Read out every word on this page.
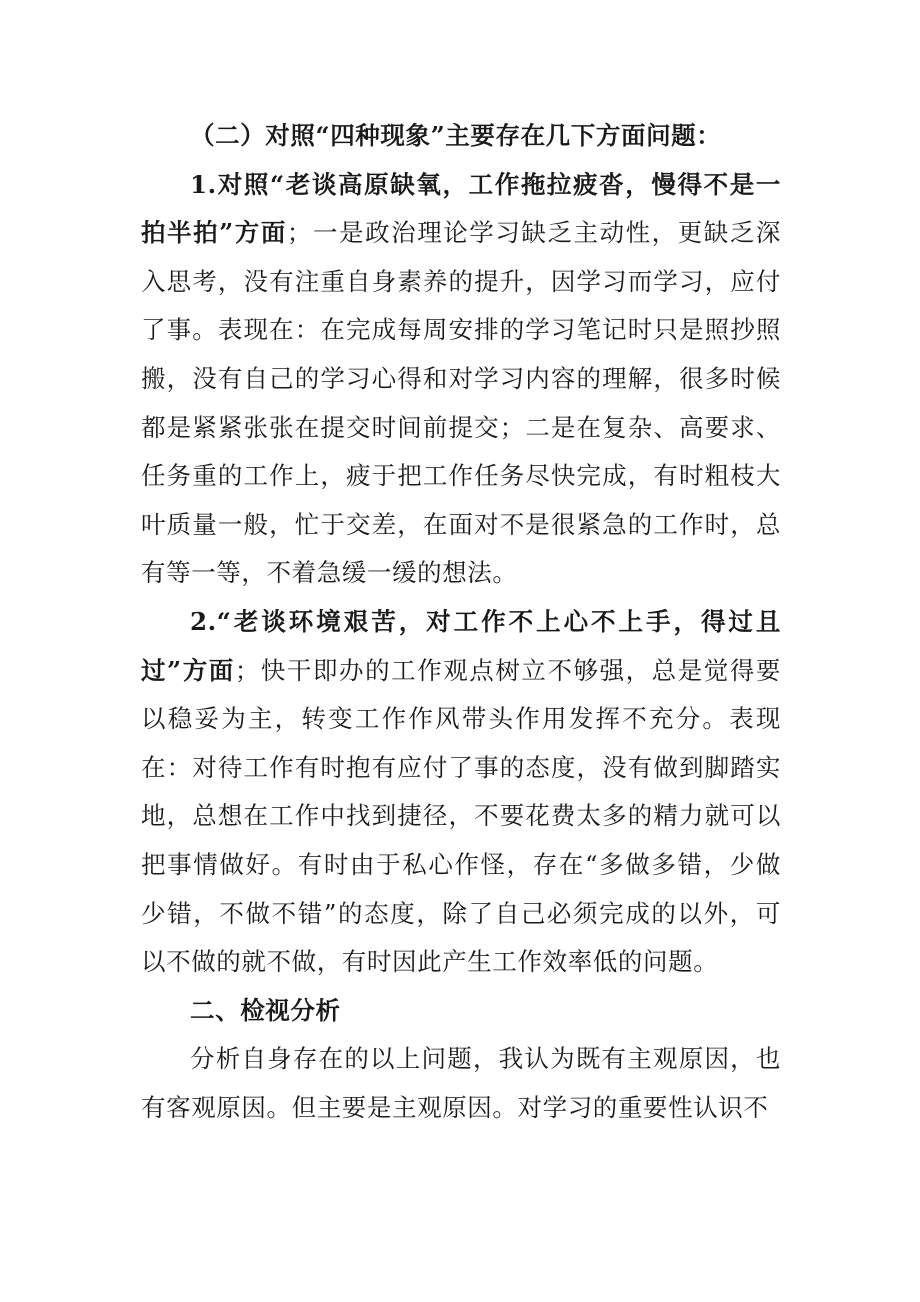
（二）对照“四种现象”主要存在几下方面问题：

1.对照“老谈高原缺氧，工作拖拉疲沓，慢得不是一拍半拍”方面；一是政治理论学习缺乏主动性，更缺乏深入思考，没有注重自身素养的提升，因学习而学习，应付了事。表现在：在完成每周安排的学习笔记时只是照抄照搬，没有自己的学习心得和对学习内容的理解，很多时候都是紧紧张张在提交时间前提交；二是在复杂、高要求、任务重的工作上，疲于把工作任务尽快完成，有时粗枝大叶质量一般，忙于交差，在面对不是很紧急的工作时，总有等一等，不着急缓一缓的想法。

2.“老谈环境艰苦，对工作不上心不上手，得过且过”方面；快干即办的工作观点树立不够强，总是觉得要以稳妥为主，转变工作作风带头作用发挥不充分。表现在：对待工作有时抱有应付了事的态度，没有做到脚踏实地，总想在工作中找到捷径，不要花费太多的精力就可以把事情做好。有时由于私心作怪，存在“多做多错，少做少错，不做不错”的态度，除了自己必须完成的以外，可以不做的就不做，有时因此产生工作效率低的问题。

二、检视分析

分析自身存在的以上问题，我认为既有主观原因，也有客观原因。但主要是主观原因。对学习的重要性认识不
